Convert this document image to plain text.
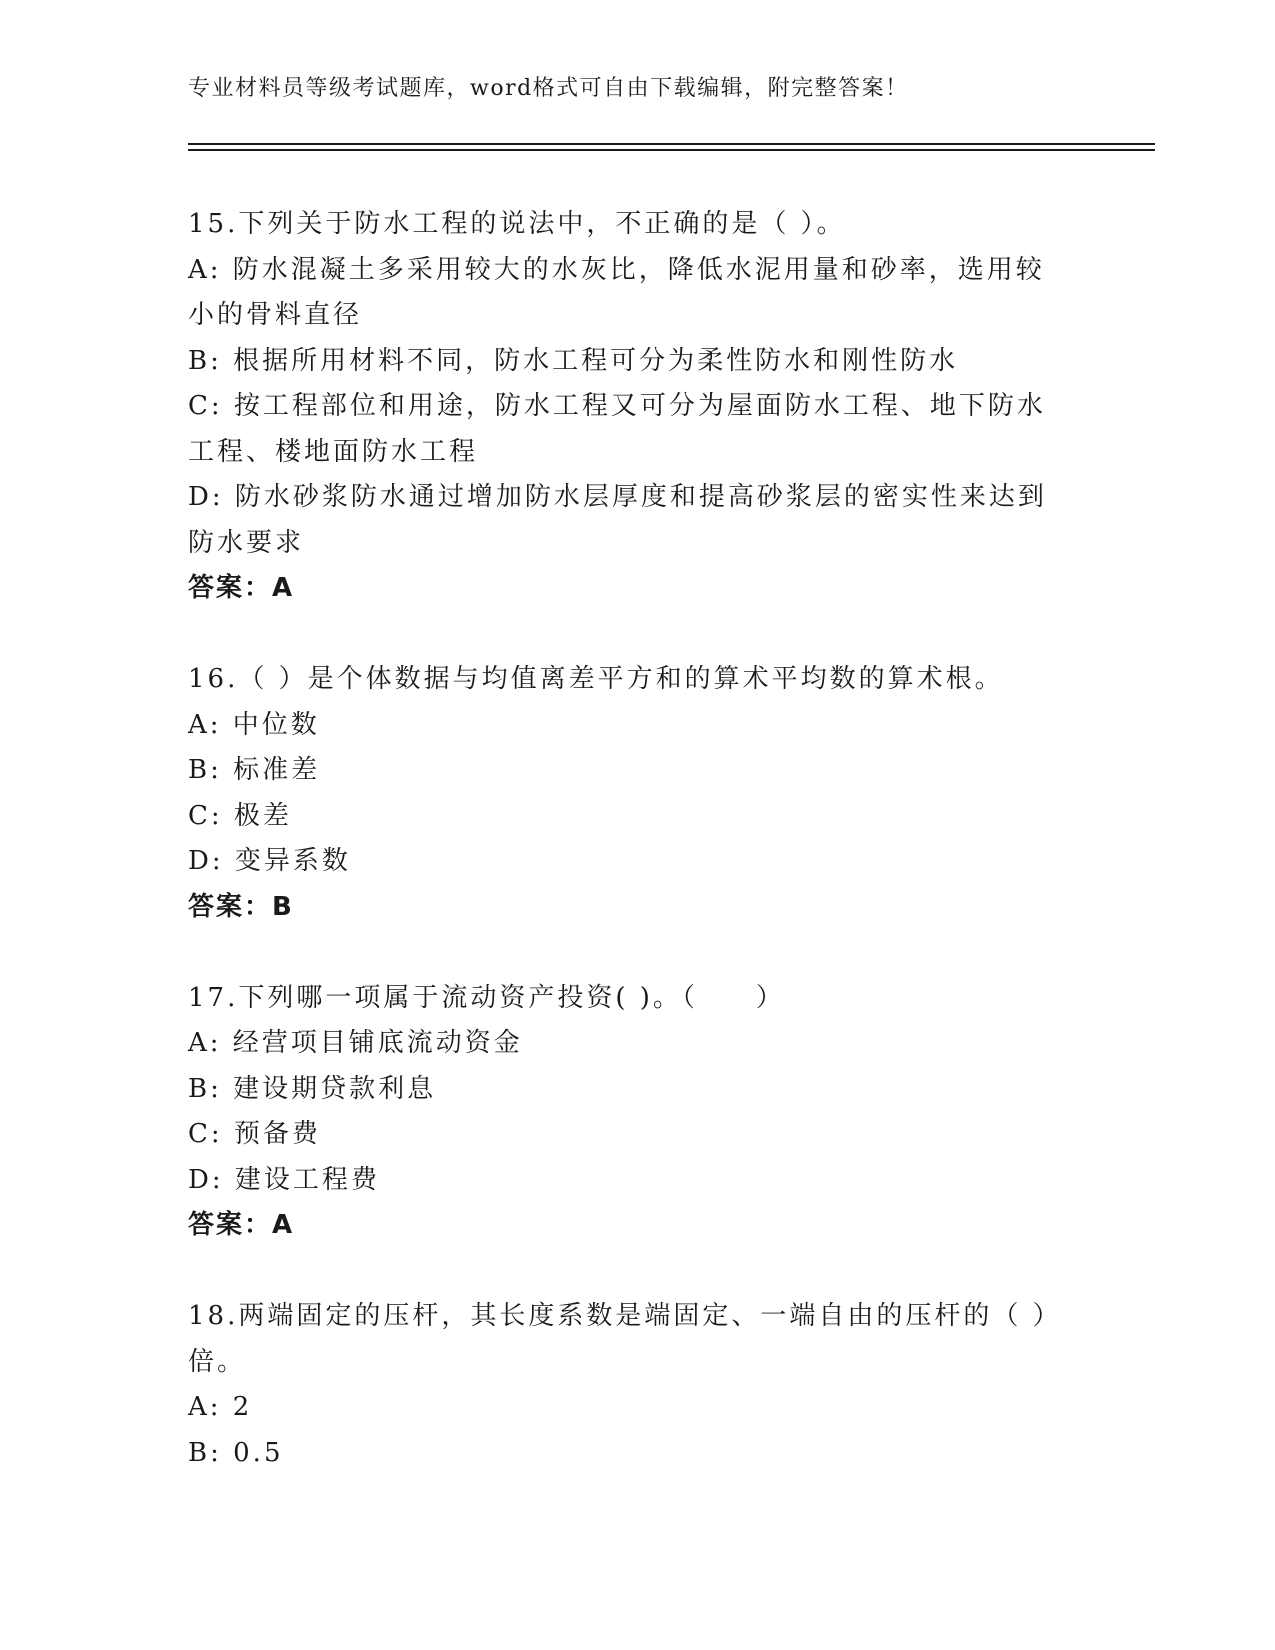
专业材料员等级考试题库，word格式可自由下载编辑，附完整答案！
15.下列关于防水工程的说法中，不正确的是（ ）。
A: 防水混凝土多采用较大的水灰比，降低水泥用量和砂率，选用较小的骨料直径
B: 根据所用材料不同，防水工程可分为柔性防水和刚性防水
C: 按工程部位和用途，防水工程又可分为屋面防水工程、地下防水工程、楼地面防水工程
D: 防水砂浆防水通过增加防水层厚度和提高砂浆层的密实性来达到防水要求
答案：A
16.（ ）是个体数据与均值离差平方和的算术平均数的算术根。
A: 中位数
B: 标准差
C: 极差
D: 变异系数
答案：B
17.下列哪一项属于流动资产投资( )。（　　）
A: 经营项目铺底流动资金
B: 建设期贷款利息
C: 预备费
D: 建设工程费
答案：A
18.两端固定的压杆，其长度系数是端固定、一端自由的压杆的（ ）倍。
A: 2
B: 0.5
